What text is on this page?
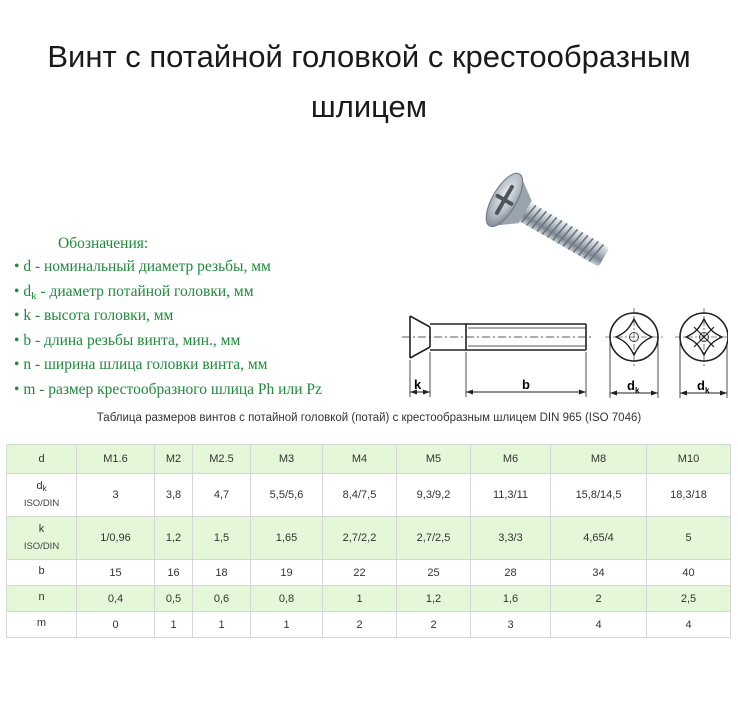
Винт с потайной головкой с крестообразным
шлицем
Обозначения:
• d - номинальный диаметр резьбы, мм
• $d_k$ - диаметр потайной головки, мм
• k - высота головки, мм
• b - длина резьбы винта, мин., мм
• n - ширина шлица головки винта, мм
• m - размер крестообразного шлица Ph или Pz	k	b	$d_k$	$d_k$
Таблица размеров винтов с потайной головкой (потай) с крестообразным шлицем DIN 965 (ISO 7046)
d	M1.6	M2	M2.5	M3	M4	M5	M6	M8	M10
$d_k$
ISO/DIN	3	3,8	4,7	5,5/5,6	8,4/7,5	9,3/9,2	11,3/11	15,8/14,5	18,3/18
k
ISO/DIN	1/0,96	1,2	1,5	1,65	2,7/2,2	2,7/2,5	3,3/3	4,65/4	5
b	15	16	18	19	22	25	28	34	40
n	0,4	0,5	0,6	0,8	1	1,2	1,6	2	2,5
m	0	1	1	1	2	2	3	4	4
